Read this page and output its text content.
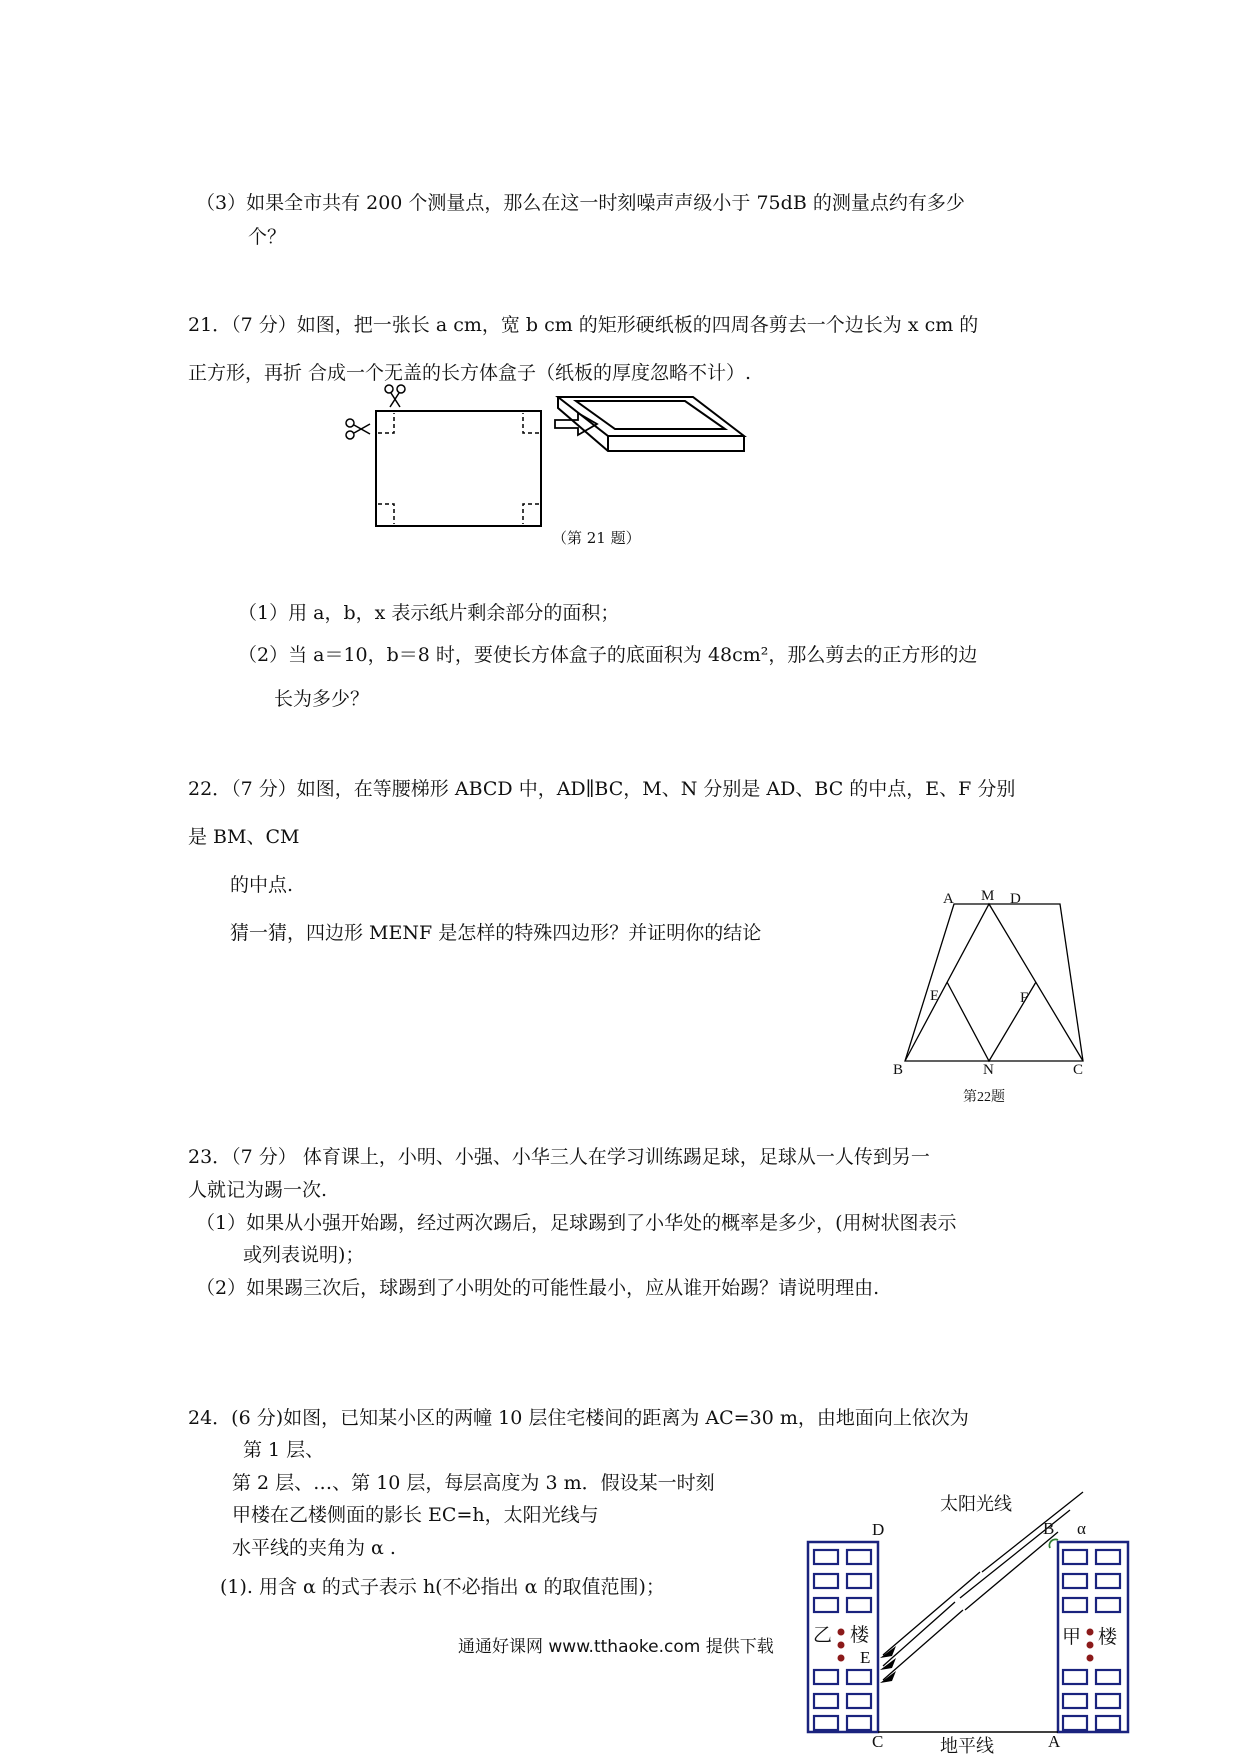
（3）如果全市共有 200 个测量点，那么在这一时刻噪声声级小于 75dB 的测量点约有多少
个？
21．（7 分）如图，把一张长 a cm，宽 b cm 的矩形硬纸板的四周各剪去一个边长为 x cm 的
正方形，再折 合成一个无盖的长方体盒子（纸板的厚度忽略不计）.
（第 21 题）
（1）用 a，b，x 表示纸片剩余部分的面积；
（2）当 a＝10，b＝8 时，要使长方体盒子的底面积为 48cm²，那么剪去的正方形的边
长为多少？
22．（7 分）如图，在等腰梯形 ABCD 中，AD∥BC，M、N 分别是 AD、BC 的中点，E、F 分别
是 BM、CM
的中点.
猜一猜，四边形 MENF 是怎样的特殊四边形？并证明你的结论
A M D
E	F
B	N	C
第22题
23．（7 分） 体育课上，小明、小强、小华三人在学习训练踢足球，足球从一人传到另一
人就记为踢一次.
（1）如果从小强开始踢，经过两次踢后，足球踢到了小华处的概率是多少，(用树状图表示
或列表说明)；
（2）如果踢三次后，球踢到了小明处的可能性最小，应从谁开始踢？请说明理由.
24．(6 分)如图，已知某小区的两幢 10 层住宅楼间的距离为 AC=30 m，由地面向上依次为
第 1 层、
第 2 层、…、第 10 层，每层高度为 3 m．假设某一时刻
甲楼在乙楼侧面的影长 EC=h，太阳光线与
水平线的夹角为 α .
(1). 用含 α 的式子表示 h(不必指出 α 的取值范围)；
通通好课网 www.tthaoke.com 提供下载
太阳光线
D	B α
乙 楼	甲 楼
E
C	地平线	A
